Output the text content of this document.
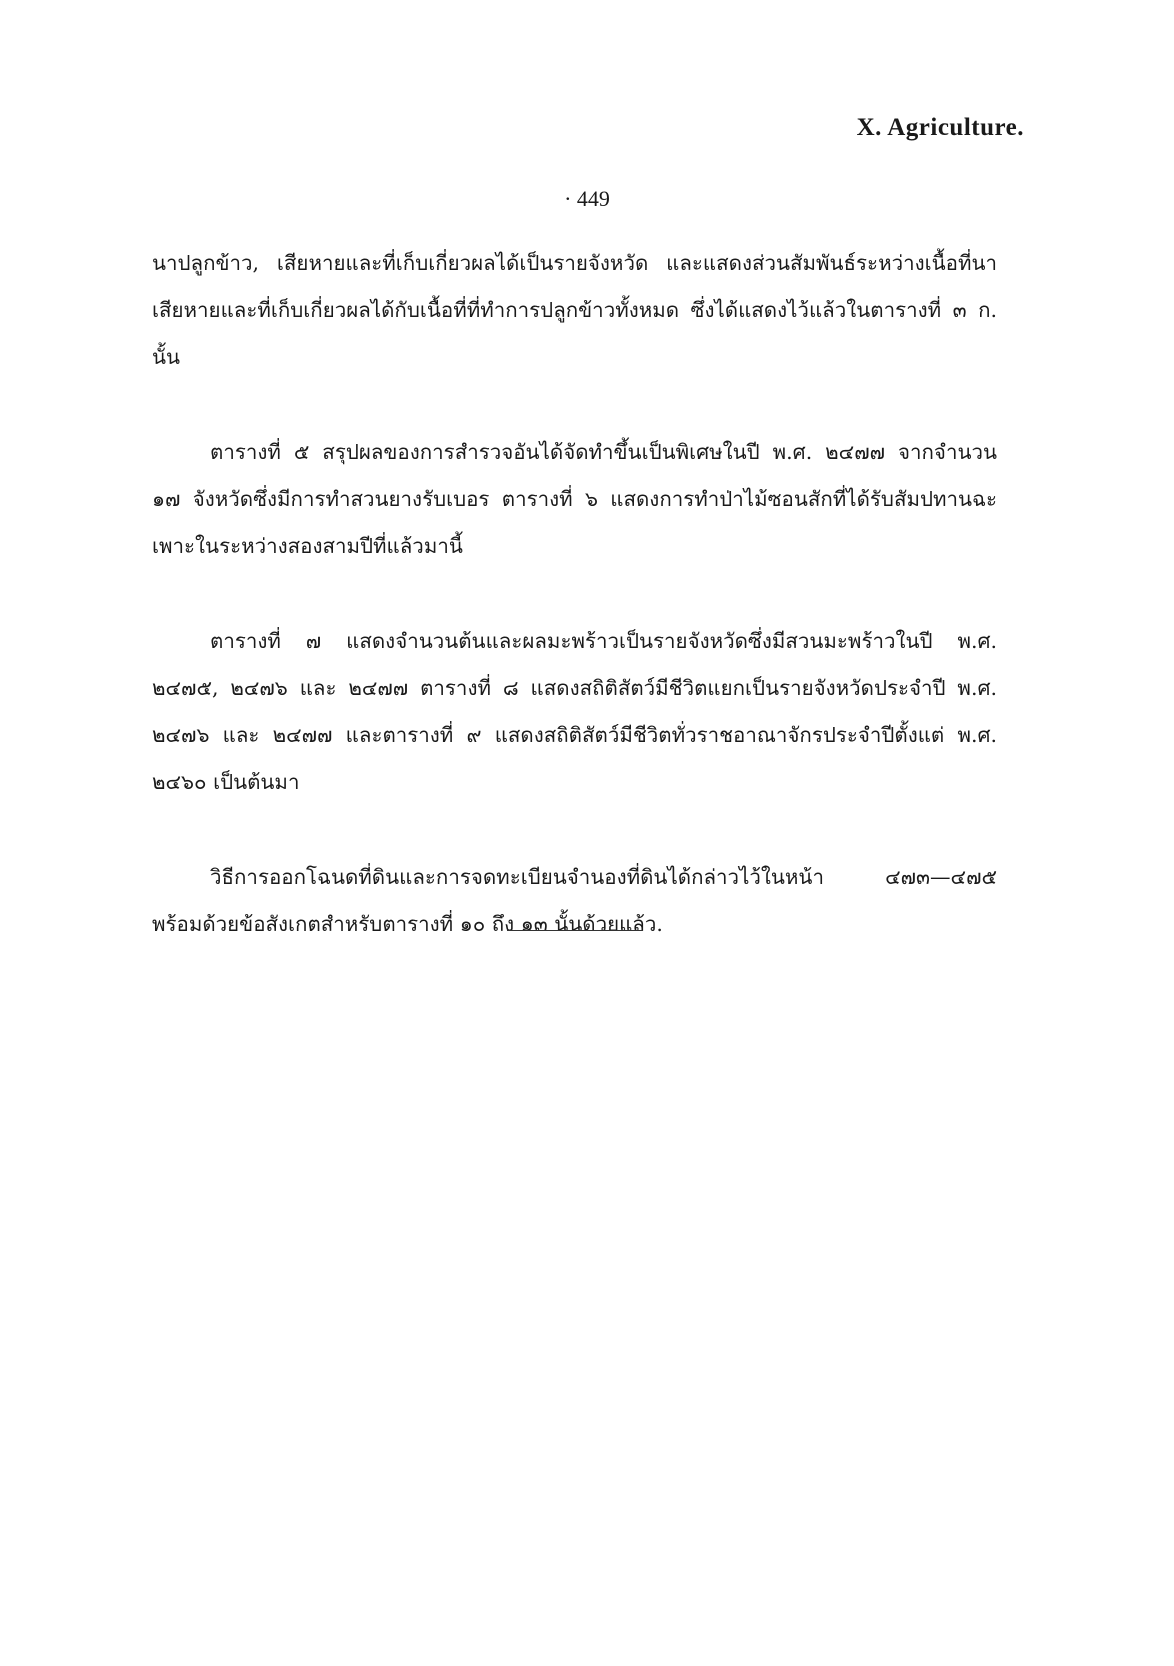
X. Agriculture.
· 449

นาปลูกข้าว, เสียหายและที่เก็บเกี่ยวผลได้เป็นรายจังหวัด และแสดงส่วนสัมพันธ์ระหว่างเนื้อที่นาเสียหายและที่เก็บเกี่ยวผลได้กับเนื้อที่ที่ทำการปลูกข้าวทั้งหมด ซึ่งได้แสดงไว้แล้วในตารางที่ ๓ ก. นั้น

ตารางที่ ๕ สรุปผลของการสำรวจอันได้จัดทำขึ้นเป็นพิเศษในปี พ.ศ. ๒๔๗๗ จากจำนวน ๑๗ จังหวัดซึ่งมีการทำสวนยางรับเบอร ตารางที่ ๖ แสดงการทำป่าไม้ซอนสักที่ได้รับสัมปทานฉะเพาะในระหว่างสองสามปีที่แล้วมานี้

ตารางที่ ๗ แสดงจำนวนต้นและผลมะพร้าวเป็นรายจังหวัดซึ่งมีสวนมะพร้าวในปี พ.ศ. ๒๔๗๕, ๒๔๗๖ และ ๒๔๗๗ ตารางที่ ๘ แสดงสถิติสัตว์มีชีวิตแยกเป็นรายจังหวัดประจำปี พ.ศ. ๒๔๗๖ และ ๒๔๗๗ และตารางที่ ๙ แสดงสถิติสัตว์มีชีวิตทั่วราชอาณาจักรประจำปีตั้งแต่ พ.ศ. ๒๔๖๐ เป็นต้นมา

วิธีการออกโฉนดที่ดินและการจดทะเบียนจำนองที่ดินได้กล่าวไว้ในหน้า ๔๗๓—๔๗๕ พร้อมด้วยข้อสังเกตสำหรับตารางที่ ๑๐ ถึง ๑๓ นั้นด้วยแล้ว.
